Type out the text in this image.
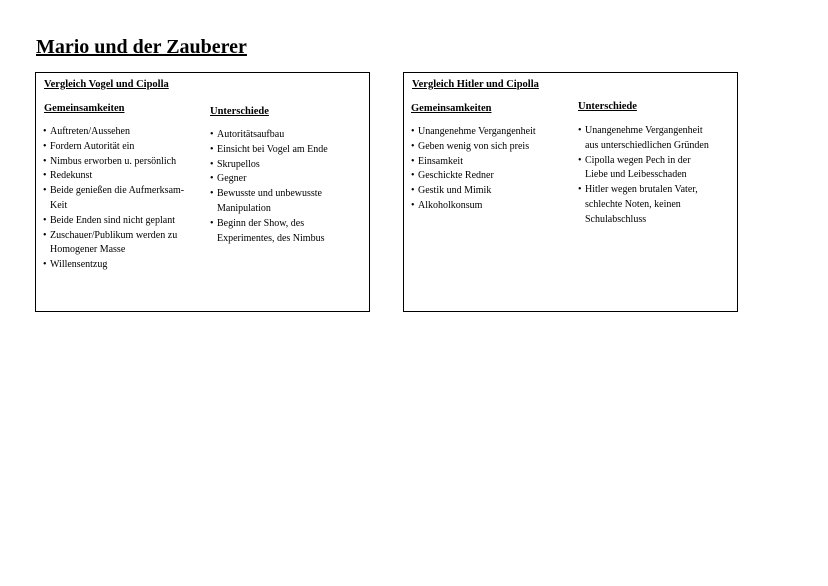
Mario und der Zauberer
Vergleich Vogel und Cipolla
Gemeinsamkeiten
• Auftreten/Aussehen
• Fordern Autorität ein
• Nimbus erworben u. persönlich
• Redekunst
• Beide genießen die Aufmerksam-
Keit
• Beide Enden sind nicht geplant
• Zuschauer/Publikum werden zu
Homogener Masse
• Willensentzug
Unterschiede
• Autoritätsaufbau
• Einsicht bei Vogel am Ende
• Skrupellos
• Gegner
• Bewusste und unbewusste
Manipulation
• Beginn der Show, des
Experimentes, des Nimbus
Vergleich Hitler und Cipolla
Gemeinsamkeiten
• Unangenehme Vergangenheit
• Geben wenig von sich preis
• Einsamkeit
• Geschickte Redner
• Gestik und Mimik
• Alkoholkonsum
Unterschiede
• Unangenehme Vergangenheit
aus unterschiedlichen Gründen
• Cipolla wegen Pech in der
Liebe und Leibesschaden
• Hitler wegen brutalen Vater,
schlechte Noten, keinen
Schulabschluss
